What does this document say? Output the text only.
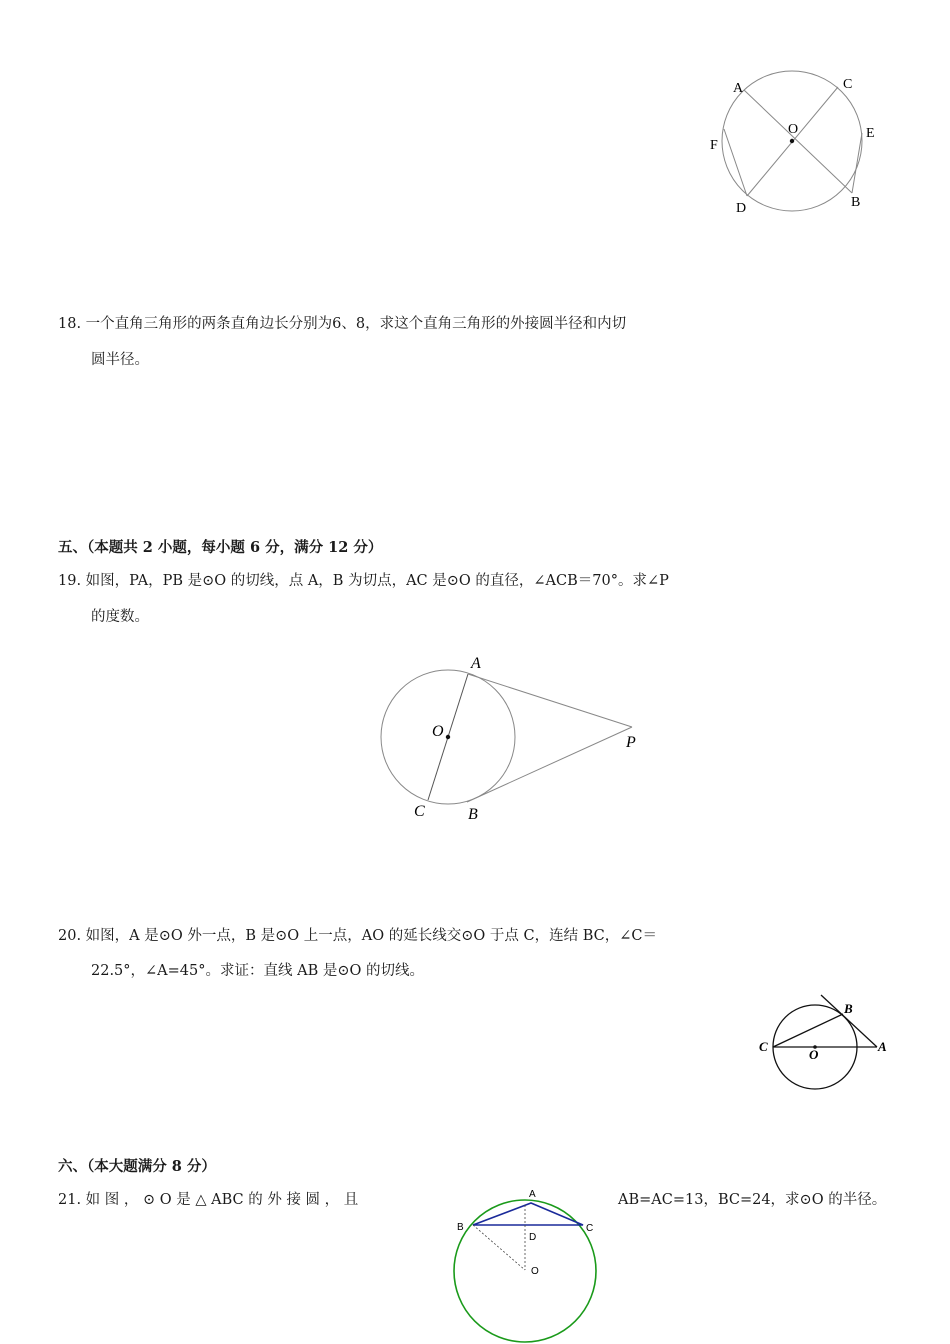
A	C
O	E
F
D	B
18. 一个直角三角形的两条直角边长分别为6、8，求这个直角三角形的外接圆半径和内切
圆半径。
五、（本题共 2 小题，每小题 6 分，满分 12 分）
19. 如图，PA，PB 是⊙O 的切线，点 A，B 为切点，AC 是⊙O 的直径，∠ACB＝70°。求∠P
的度数。
A
O
P
C	B
20. 如图，A 是⊙O 外一点，B 是⊙O 上一点，AO 的延长线交⊙O 于点 C，连结 BC，∠C＝
22.5°，∠A=45°。求证：直线 AB 是⊙O 的切线。
B
C
O
A
六、（本大题满分 8 分）
21. 如 图 ， ⊙ O 是 △ ABC 的 外 接 圆 ， 且	AB=AC=13，BC=24，求⊙O 的半径。
A
B	C
D
O
